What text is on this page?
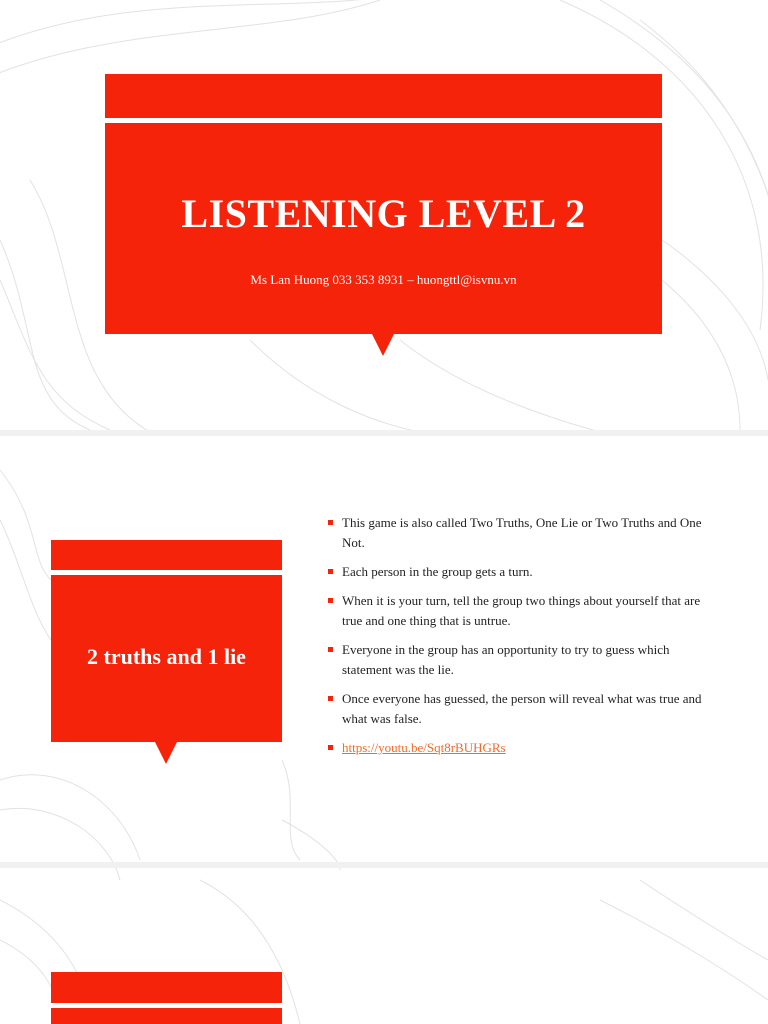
LISTENING LEVEL 2

Ms Lan Huong 033 353 8931 – huongttl@isvnu.vn

2 truths and 1 lie
This game is also called Two Truths, One Lie or Two Truths and One Not.
Each person in the group gets a turn.
When it is your turn, tell the group two things about yourself that are true and one thing that is untrue.
Everyone in the group has an opportunity to try to guess which statement was the lie.
Once everyone has guessed, the person will reveal what was true and what was false.
https://youtu.be/Sqt8rBUHGRs
